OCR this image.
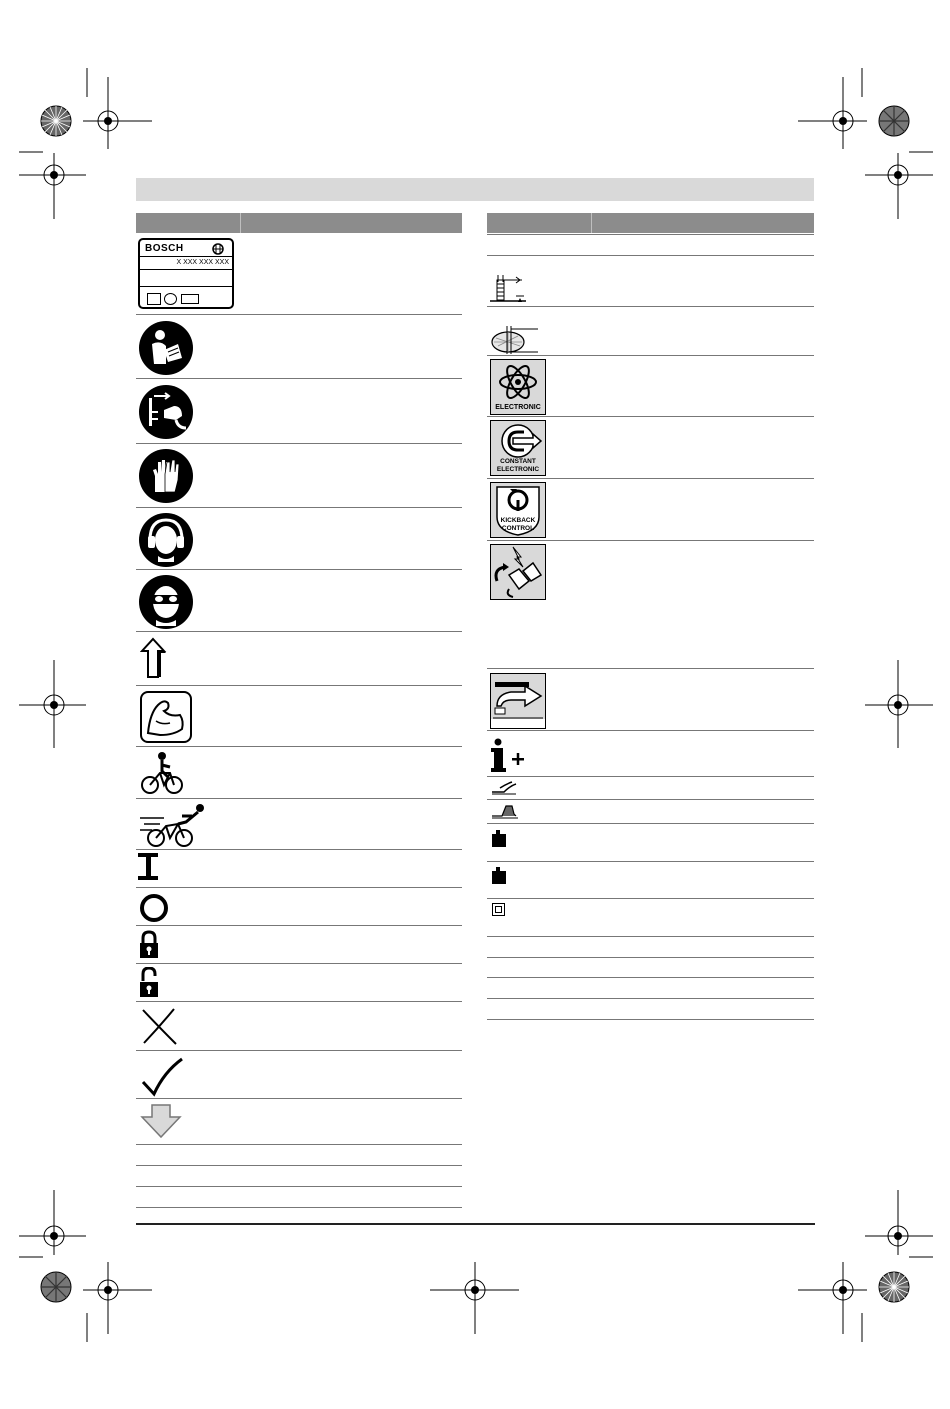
BOSCH
X XXX XXX XXX
ELECTRONIC
CONSTANT
ELECTRONIC
KICKBACK
CONTROL
